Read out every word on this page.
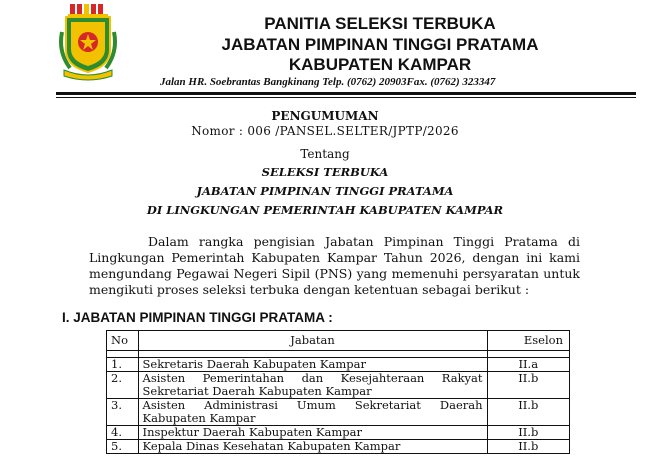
PANITIA SELEKSI TERBUKA
JABATAN PIMPINAN TINGGI PRATAMA
KABUPATEN KAMPAR
Jalan HR. Soebrantas Bangkinang Telp. (0762) 20903Fax. (0762) 323347
PENGUMUMAN
Nomor : 006 /PANSEL.SELTER/JPTP/2026
Tentang
SELEKSI TERBUKA
JABATAN PIMPINAN TINGGI PRATAMA
DI LINGKUNGAN PEMERINTAH KABUPATEN KAMPAR
Dalam rangka pengisian Jabatan Pimpinan Tinggi Pratama di Lingkungan Pemerintah Kabupaten Kampar Tahun 2026, dengan ini kami mengundang Pegawai Negeri Sipil (PNS) yang memenuhi persyaratan untuk mengikuti proses seleksi terbuka dengan ketentuan sebagai berikut :
I. JABATAN PIMPINAN TINGGI PRATAMA :
No	Jabatan	Eselon

1.	Sekretaris Daerah Kabupaten Kampar	II.a
2.	Asisten Pemerintahan dan Kesejahteraan Rakyat Sekretariat Daerah Kabupaten Kampar	II.b
3.	Asisten Administrasi Umum Sekretariat Daerah Kabupaten Kampar	II.b
4.	Inspektur Daerah Kabupaten Kampar	II.b
5.	Kepala Dinas Kesehatan Kabupaten Kampar	II.b
